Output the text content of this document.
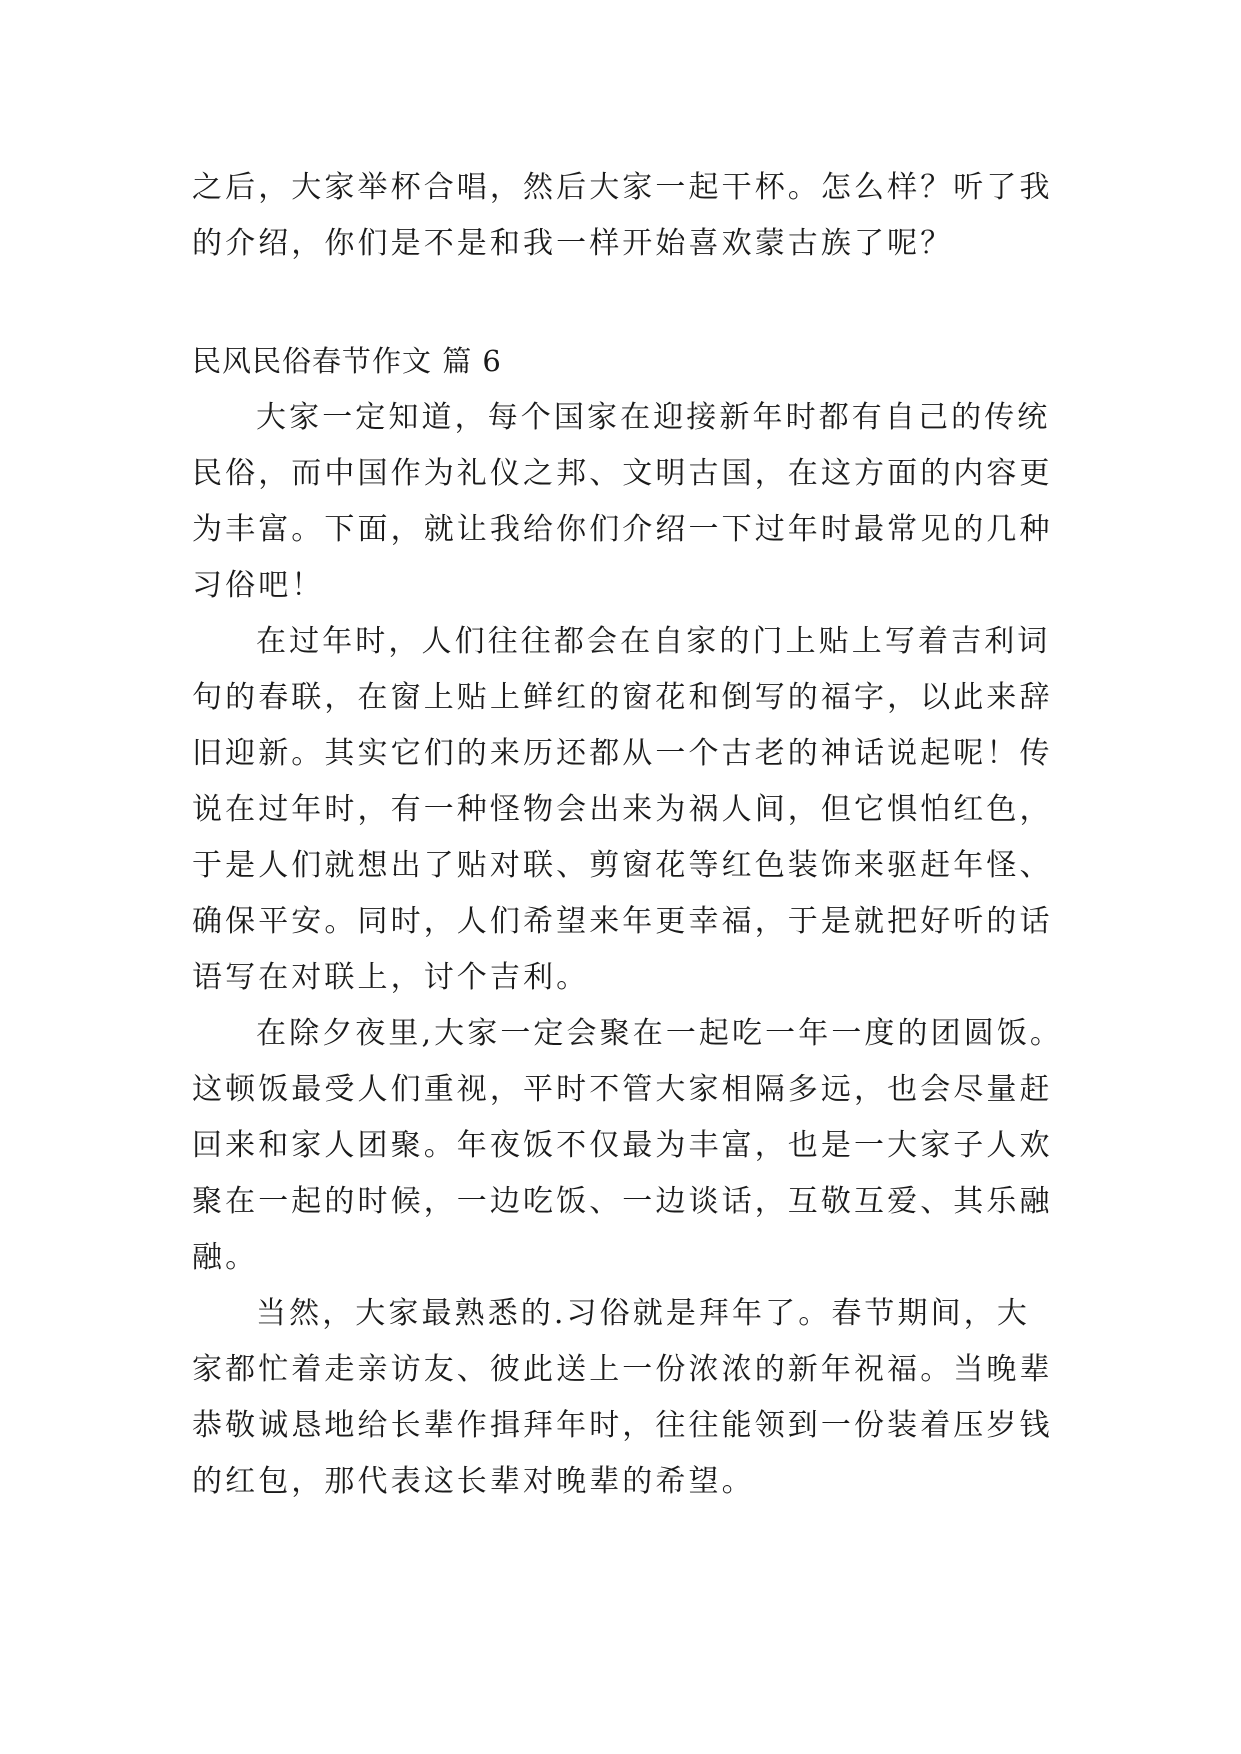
之后，大家举杯合唱，然后大家一起干杯。怎么样？听了我
的介绍，你们是不是和我一样开始喜欢蒙古族了呢？
民风民俗春节作文 篇 6
大家一定知道，每个国家在迎接新年时都有自己的传统
民俗，而中国作为礼仪之邦、文明古国，在这方面的内容更
为丰富。下面，就让我给你们介绍一下过年时最常见的几种
习俗吧！
在过年时，人们往往都会在自家的门上贴上写着吉利词
句的春联，在窗上贴上鲜红的窗花和倒写的福字，以此来辞
旧迎新。其实它们的来历还都从一个古老的神话说起呢！传
说在过年时，有一种怪物会出来为祸人间，但它惧怕红色，
于是人们就想出了贴对联、剪窗花等红色装饰来驱赶年怪、
确保平安。同时，人们希望来年更幸福，于是就把好听的话
语写在对联上，讨个吉利。
在除夕夜里,大家一定会聚在一起吃一年一度的团圆饭。
这顿饭最受人们重视，平时不管大家相隔多远，也会尽量赶
回来和家人团聚。年夜饭不仅最为丰富，也是一大家子人欢
聚在一起的时候，一边吃饭、一边谈话，互敬互爱、其乐融
融。
当然，大家最熟悉的.习俗就是拜年了。春节期间，大
家都忙着走亲访友、彼此送上一份浓浓的新年祝福。当晚辈
恭敬诚恳地给长辈作揖拜年时，往往能领到一份装着压岁钱
的红包，那代表这长辈对晚辈的希望。
